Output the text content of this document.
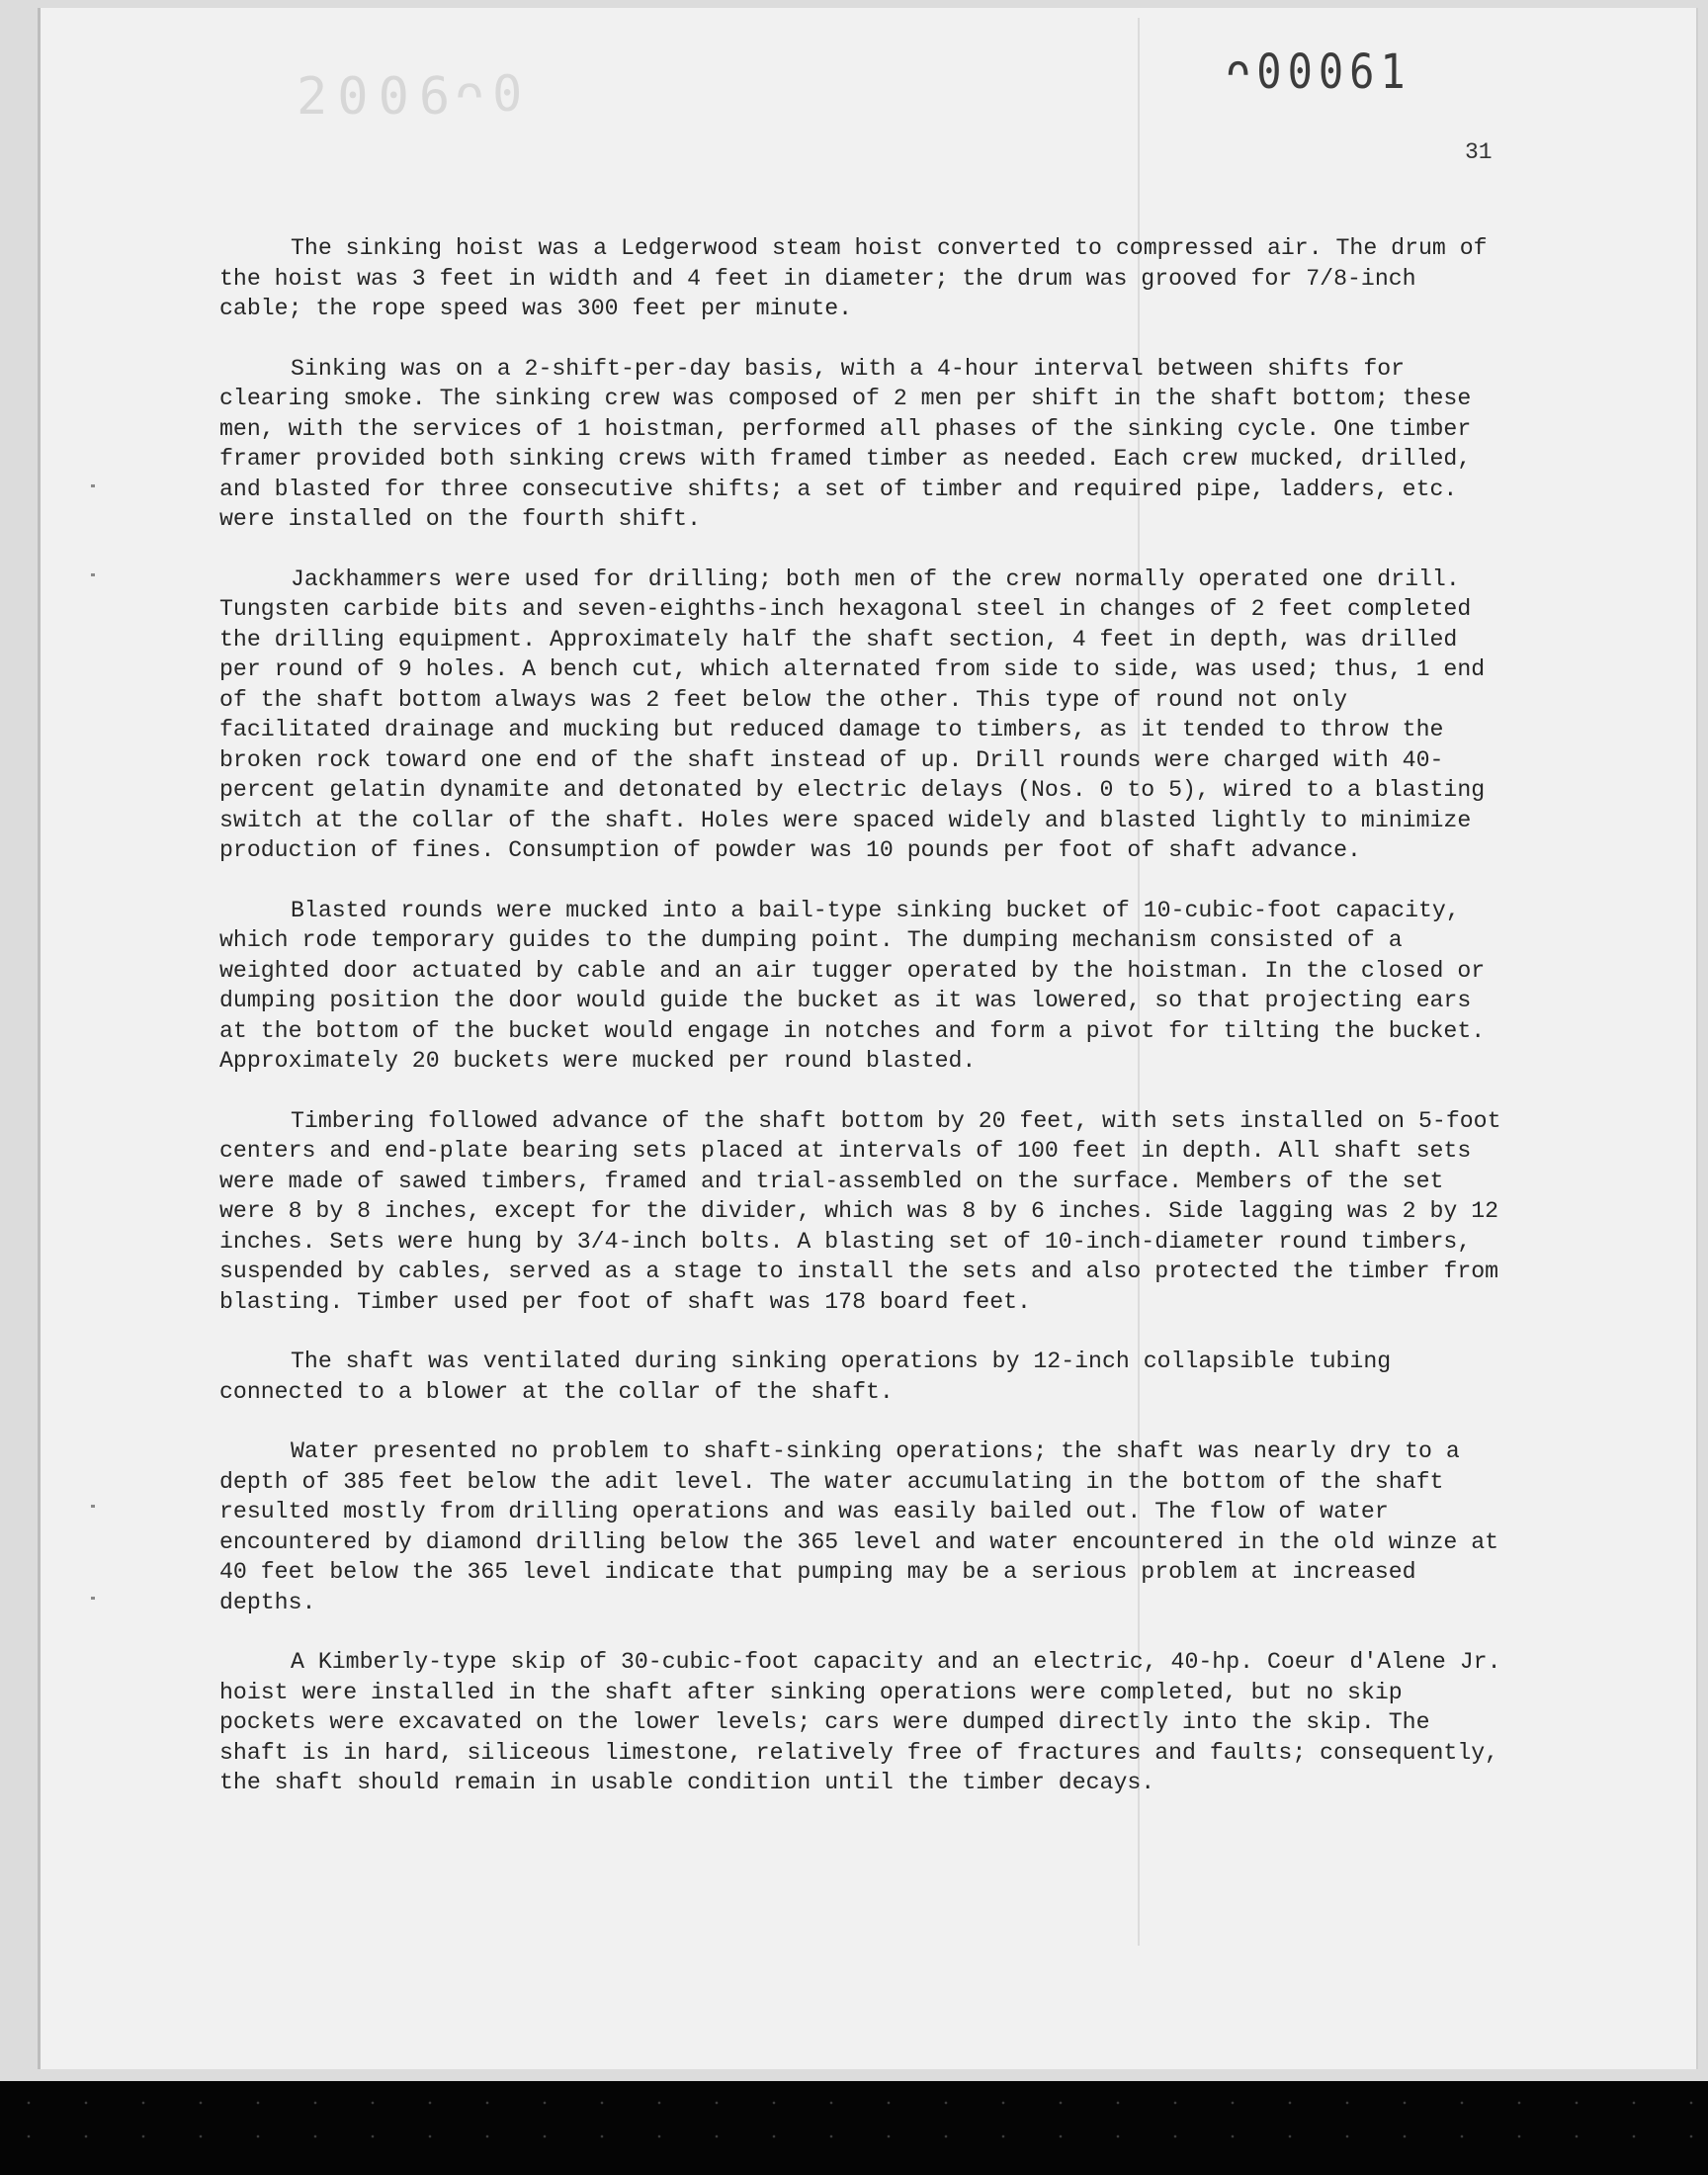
2006
ᴖ0	ᴖ00061
31

The sinking hoist was a Ledgerwood steam hoist converted to compressed air. The drum of the hoist was 3 feet in width and 4 feet in diameter; the drum was grooved for 7/8-inch cable; the rope speed was 300 feet per minute.

Sinking was on a 2-shift-per-day basis, with a 4-hour interval between shifts for clearing smoke. The sinking crew was composed of 2 men per shift in the shaft bottom; these men, with the services of 1 hoistman, performed all phases of the sinking cycle. One timber framer provided both sinking crews with framed timber as needed. Each crew mucked, drilled, and blasted for three consecutive shifts; a set of timber and required pipe, ladders, etc. were installed on the fourth shift.

Jackhammers were used for drilling; both men of the crew normally operated one drill. Tungsten carbide bits and seven-eighths-inch hexagonal steel in changes of 2 feet completed the drilling equipment. Approximately half the shaft section, 4 feet in depth, was drilled per round of 9 holes. A bench cut, which alternated from side to side, was used; thus, 1 end of the shaft bottom always was 2 feet below the other. This type of round not only facilitated drainage and mucking but reduced damage to timbers, as it tended to throw the broken rock toward one end of the shaft instead of up. Drill rounds were charged with 40-percent gelatin dynamite and detonated by electric delays (Nos. 0 to 5), wired to a blasting switch at the collar of the shaft. Holes were spaced widely and blasted lightly to minimize production of fines. Consumption of powder was 10 pounds per foot of shaft advance.

Blasted rounds were mucked into a bail-type sinking bucket of 10-cubic-foot capacity, which rode temporary guides to the dumping point. The dumping mechanism consisted of a weighted door actuated by cable and an air tugger operated by the hoistman. In the closed or dumping position the door would guide the bucket as it was lowered, so that projecting ears at the bottom of the bucket would engage in notches and form a pivot for tilting the bucket. Approximately 20 buckets were mucked per round blasted.

Timbering followed advance of the shaft bottom by 20 feet, with sets installed on 5-foot centers and end-plate bearing sets placed at intervals of 100 feet in depth. All shaft sets were made of sawed timbers, framed and trial-assembled on the surface. Members of the set were 8 by 8 inches, except for the divider, which was 8 by 6 inches. Side lagging was 2 by 12 inches. Sets were hung by 3/4-inch bolts. A blasting set of 10-inch-diameter round timbers, suspended by cables, served as a stage to install the sets and also protected the timber from blasting. Timber used per foot of shaft was 178 board feet.

The shaft was ventilated during sinking operations by 12-inch collapsible tubing connected to a blower at the collar of the shaft.

Water presented no problem to shaft-sinking operations; the shaft was nearly dry to a depth of 385 feet below the adit level. The water accumulating in the bottom of the shaft resulted mostly from drilling operations and was easily bailed out. The flow of water encountered by diamond drilling below the 365 level and water encountered in the old winze at 40 feet below the 365 level indicate that pumping may be a serious problem at increased depths.

A Kimberly-type skip of 30-cubic-foot capacity and an electric, 40-hp. Coeur d'Alene Jr. hoist were installed in the shaft after sinking operations were completed, but no skip pockets were excavated on the lower levels; cars were dumped directly into the skip. The shaft is in hard, siliceous limestone, relatively free of fractures and faults; consequently, the shaft should remain in usable condition until the timber decays.
